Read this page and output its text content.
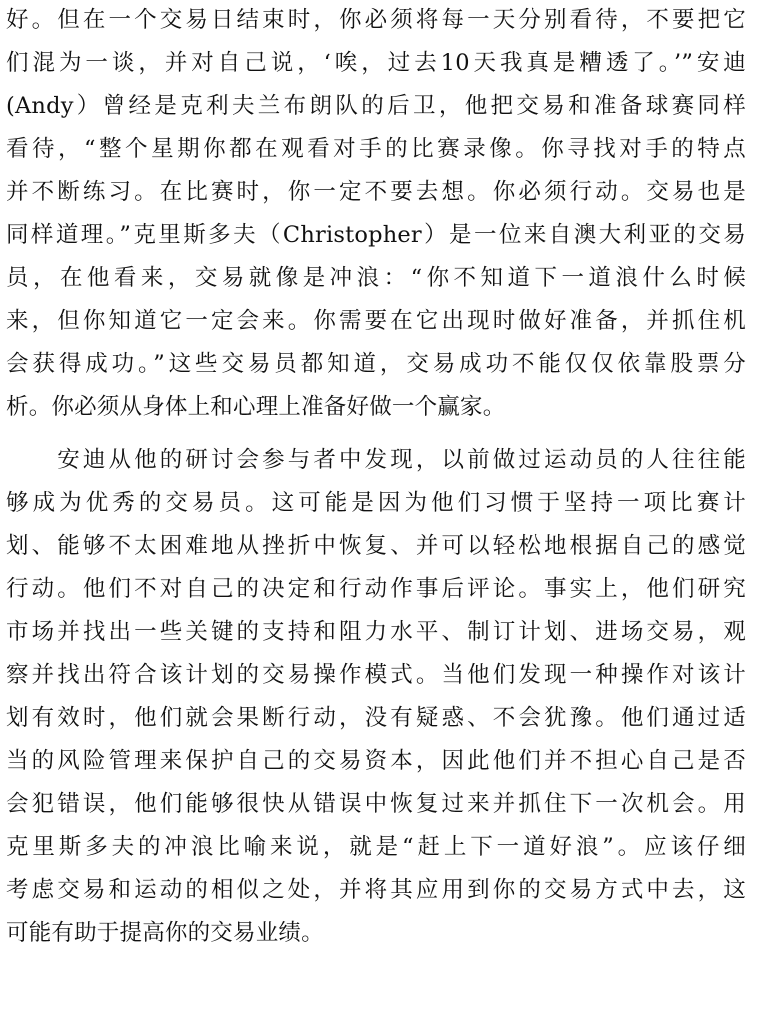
好。但在一个交易日结束时，你必须将每一天分别看待，不要把它
们混为一谈，并对自己说，‘唉，过去10天我真是糟透了。’”安迪
(Andy）曾经是克利夫兰布朗队的后卫，他把交易和准备球赛同样
看待，“整个星期你都在观看对手的比赛录像。你寻找对手的特点
并不断练习。在比赛时，你一定不要去想。你必须行动。交易也是
同样道理。”克里斯多夫（Christopher）是一位来自澳大利亚的交易
员，在他看来，交易就像是冲浪：“你不知道下一道浪什么时候
来，但你知道它一定会来。你需要在它出现时做好准备，并抓住机
会获得成功。”这些交易员都知道，交易成功不能仅仅依靠股票分
析。你必须从身体上和心理上准备好做一个赢家。
　　安迪从他的研讨会参与者中发现，以前做过运动员的人往往能
够成为优秀的交易员。这可能是因为他们习惯于坚持一项比赛计
划、能够不太困难地从挫折中恢复、并可以轻松地根据自己的感觉
行动。他们不对自己的决定和行动作事后评论。事实上，他们研究
市场并找出一些关键的支持和阻力水平、制订计划、进场交易，观
察并找出符合该计划的交易操作模式。当他们发现一种操作对该计
划有效时，他们就会果断行动，没有疑惑、不会犹豫。他们通过适
当的风险管理来保护自己的交易资本，因此他们并不担心自己是否
会犯错误，他们能够很快从错误中恢复过来并抓住下一次机会。用
克里斯多夫的冲浪比喻来说，就是“赶上下一道好浪”。应该仔细
考虑交易和运动的相似之处，并将其应用到你的交易方式中去，这
可能有助于提高你的交易业绩。
